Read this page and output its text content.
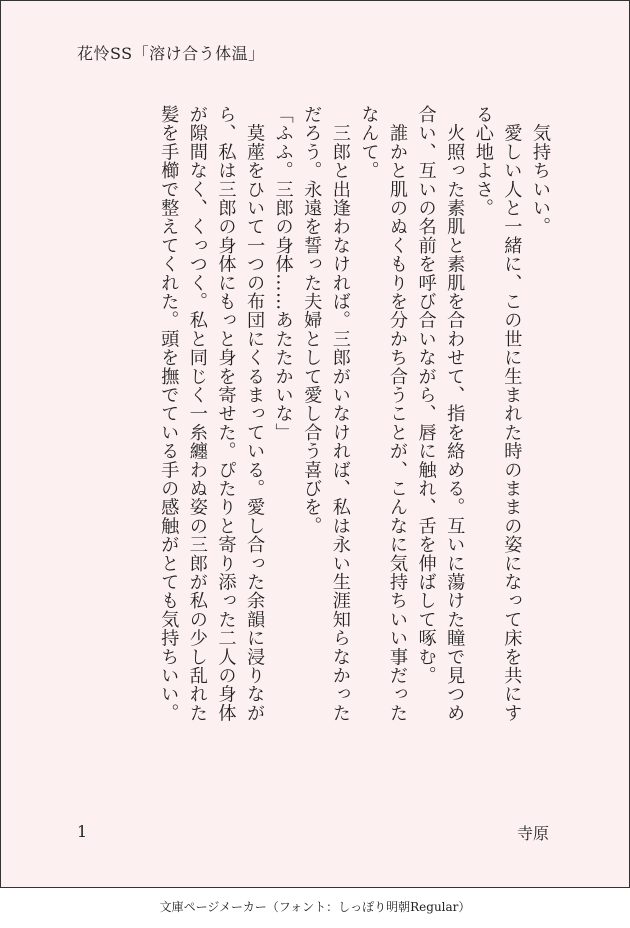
花怜SS「溶け合う体温」
　気持ちいい。
　愛しい人と一緒に、この世に生まれた時のままの姿になって床を共にす
る心地よさ。
　火照った素肌と素肌を合わせて、指を絡める。互いに蕩けた瞳で見つめ
合い、互いの名前を呼び合いながら、唇に触れ、舌を伸ばして啄む。
　誰かと肌のぬくもりを分かち合うことが、こんなに気持ちいい事だった
なんて。
　三郎と出逢わなければ。三郎がいなければ、私は永い生涯知らなかった
だろう。永遠を誓った夫婦として愛し合う喜びを。
「ふふ。三郎の身体……あたたかいな」
　莫蓙をひいて一つの布団にくるまっている。愛し合った余韻に浸りなが
ら、私は三郎の身体にもっと身を寄せた。ぴたりと寄り添った二人の身体
が隙間なく、くっつく。私と同じく一糸纏わぬ姿の三郎が私の少し乱れた
髪を手櫛で整えてくれた。頭を撫でている手の感触がとても気持ちいい。
1	寺原
文庫ページメーカー（フォント：しっぽり明朝Regular）
